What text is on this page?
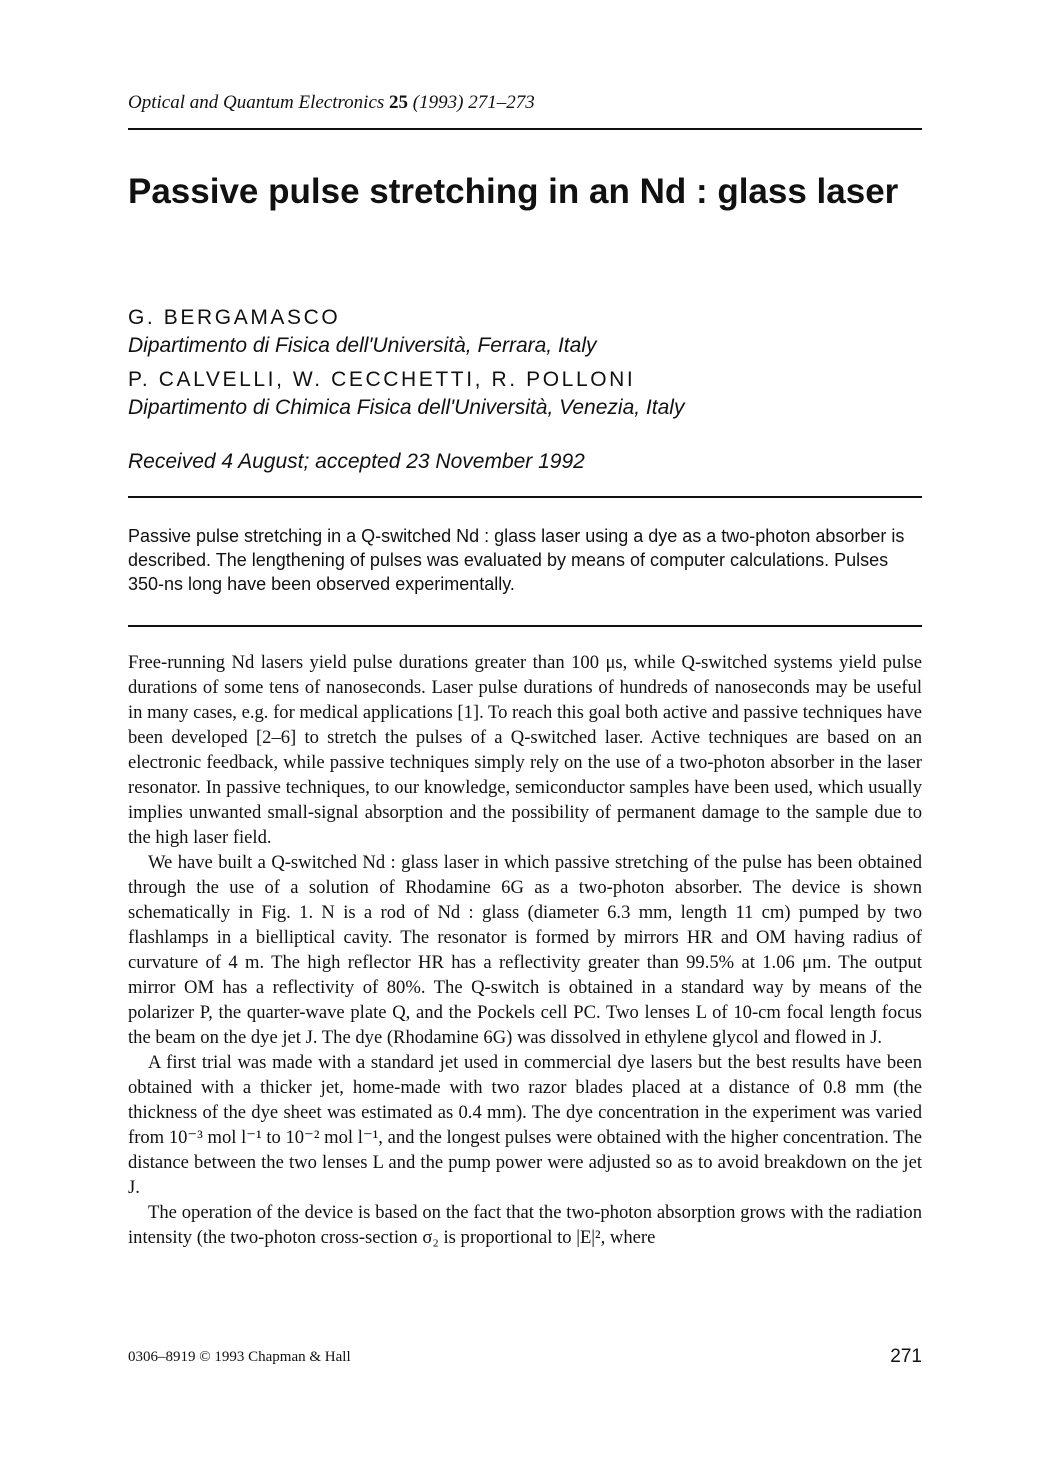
Optical and Quantum Electronics 25 (1993) 271–273
Passive pulse stretching in an Nd : glass laser
G. BERGAMASCO
Dipartimento di Fisica dell'Università, Ferrara, Italy
P. CALVELLI, W. CECCHETTI, R. POLLONI
Dipartimento di Chimica Fisica dell'Università, Venezia, Italy
Received 4 August; accepted 23 November 1992

Passive pulse stretching in a Q-switched Nd : glass laser using a dye as a two-photon absorber is described. The lengthening of pulses was evaluated by means of computer calculations. Pulses 350-ns long have been observed experimentally.

Free-running Nd lasers yield pulse durations greater than 100 μs, while Q-switched systems yield pulse durations of some tens of nanoseconds. Laser pulse durations of hundreds of nanoseconds may be useful in many cases, e.g. for medical applications [1]. To reach this goal both active and passive techniques have been developed [2–6] to stretch the pulses of a Q-switched laser. Active techniques are based on an electronic feedback, while passive techniques simply rely on the use of a two-photon absorber in the laser resonator. In passive techniques, to our knowledge, semiconductor samples have been used, which usually implies unwanted small-signal absorption and the possibility of permanent damage to the sample due to the high laser field.

We have built a Q-switched Nd : glass laser in which passive stretching of the pulse has been obtained through the use of a solution of Rhodamine 6G as a two-photon absorber. The device is shown schematically in Fig. 1. N is a rod of Nd : glass (diameter 6.3 mm, length 11 cm) pumped by two flashlamps in a bielliptical cavity. The resonator is formed by mirrors HR and OM having radius of curvature of 4 m. The high reflector HR has a reflectivity greater than 99.5% at 1.06 μm. The output mirror OM has a reflectivity of 80%. The Q-switch is obtained in a standard way by means of the polarizer P, the quarter-wave plate Q, and the Pockels cell PC. Two lenses L of 10-cm focal length focus the beam on the dye jet J. The dye (Rhodamine 6G) was dissolved in ethylene glycol and flowed in J.

A first trial was made with a standard jet used in commercial dye lasers but the best results have been obtained with a thicker jet, home-made with two razor blades placed at a distance of 0.8 mm (the thickness of the dye sheet was estimated as 0.4 mm). The dye concentration in the experiment was varied from 10⁻³ mol l⁻¹ to 10⁻² mol l⁻¹, and the longest pulses were obtained with the higher concentration. The distance between the two lenses L and the pump power were adjusted so as to avoid breakdown on the jet J.

The operation of the device is based on the fact that the two-photon absorption grows with the radiation intensity (the two-photon cross-section σ₂ is proportional to |E|², where

0306–8919 © 1993 Chapman & Hall	271
